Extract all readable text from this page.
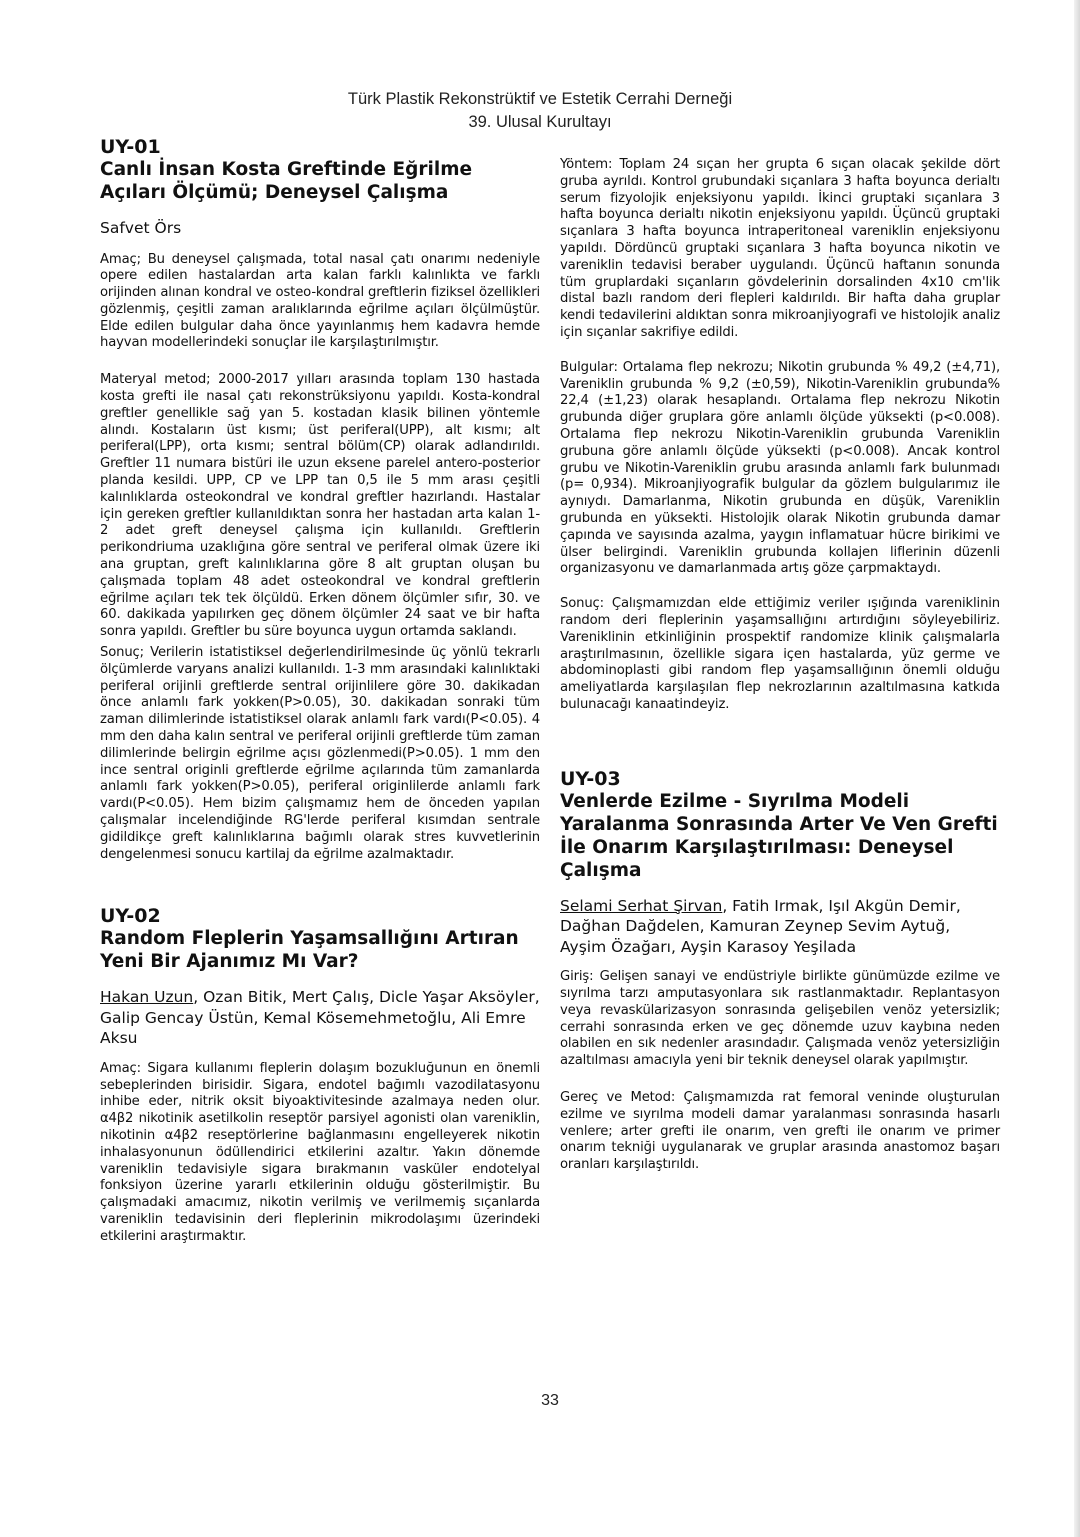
Türk Plastik Rekonstrüktif ve Estetik Cerrahi Derneği
39. Ulusal Kurultayı
UY-01
Canlı İnsan Kosta Greftinde Eğrilme Açıları Ölçümü; Deneysel Çalışma
Safvet Örs

Amaç; Bu deneysel çalışmada, total nasal çatı onarımı nedeniyle opere edilen hastalardan arta kalan farklı kalınlıkta ve farklı orijinden alınan kondral ve osteo-kondral greftlerin fiziksel özellikleri gözlenmiş, çeşitli zaman aralıklarında eğrilme açıları ölçülmüştür. Elde edilen bulgular daha önce yayınlanmış hem kadavra hemde hayvan modellerindeki sonuçlar ile karşılaştırılmıştır.

Materyal metod; 2000-2017 yılları arasında toplam 130 hastada kosta grefti ile nasal çatı rekonstrüksiyonu yapıldı. Kosta-kondral greftler genellikle sağ yan 5. kostadan klasik bilinen yöntemle alındı. Kostaların üst kısmı; üst periferal(UPP), alt kısmı; alt periferal(LPP), orta kısmı; sentral bölüm(CP) olarak adlandırıldı. Greftler 11 numara bistüri ile uzun eksene parelel antero-posterior planda kesildi. UPP, CP ve LPP tan 0,5 ile 5 mm arası çeşitli kalınlıklarda osteokondral ve kondral greftler hazırlandı. Hastalar için gereken greftler kullanıldıktan sonra her hastadan arta kalan 1-2 adet greft deneysel çalışma için kullanıldı. Greftlerin perikondriuma uzaklığına göre sentral ve periferal olmak üzere iki ana gruptan, greft kalınlıklarına göre 8 alt gruptan oluşan bu çalışmada toplam 48 adet osteokondral ve kondral greftlerin eğrilme açıları tek tek ölçüldü. Erken dönem ölçümler sıfır, 30. ve 60. dakikada yapılırken geç dönem ölçümler 24 saat ve bir hafta sonra yapıldı. Greftler bu süre boyunca uygun ortamda saklandı.

Sonuç; Verilerin istatistiksel değerlendirilmesinde üç yönlü tekrarlı ölçümlerde varyans analizi kullanıldı. 1-3 mm arasındaki kalınlıktaki periferal orijinli greftlerde sentral orijinlilere göre 30. dakikadan önce anlamlı fark yokken(P>0.05), 30. dakikadan sonraki tüm zaman dilimlerinde istatistiksel olarak anlamlı fark vardı(P<0.05). 4 mm den daha kalın sentral ve periferal orijinli greftlerde tüm zaman dilimlerinde belirgin eğrilme açısı gözlenmedi(P>0.05). 1 mm den ince sentral originli greftlerde eğrilme açılarında tüm zamanlarda anlamlı fark yokken(P>0.05), periferal originlilerde anlamlı fark vardı(P<0.05). Hem bizim çalışmamız hem de önceden yapılan çalışmalar incelendiğinde RG'lerde periferal kısımdan sentrale gidildikçe greft kalınlıklarına bağımlı olarak stres kuvvetlerinin dengelenmesi sonucu kartilaj da eğrilme azalmaktadır.

UY-02
Random Fleplerin Yaşamsallığını Artıran Yeni Bir Ajanımız Mı Var?
Hakan Uzun, Ozan Bitik, Mert Çalış, Dicle Yaşar Aksöyler, Galip Gencay Üstün, Kemal Kösemehmetoğlu, Ali Emre Aksu

Amaç: Sigara kullanımı fleplerin dolaşım bozukluğunun en önemli sebeplerinden birisidir. Sigara, endotel bağımlı vazodilatasyonu inhibe eder, nitrik oksit biyoaktivitesinde azalmaya neden olur. α4β2 nikotinik asetilkolin reseptör parsiyel agonisti olan vareniklin, nikotinin α4β2 reseptörlerine bağlanmasını engelleyerek nikotin inhalasyonunun ödüllendirici etkilerini azaltır. Yakın dönemde vareniklin tedavisiyle sigara bırakmanın vasküler endotelyal fonksiyon üzerine yararlı etkilerinin olduğu gösterilmiştir. Bu çalışmadaki amacımız, nikotin verilmiş ve verilmemiş sıçanlarda vareniklin tedavisinin deri fleplerinin mikrodolaşımı üzerindeki etkilerini araştırmaktır.

Yöntem: Toplam 24 sıçan her grupta 6 sıçan olacak şekilde dört gruba ayrıldı. Kontrol grubundaki sıçanlara 3 hafta boyunca derialtı serum fizyolojik enjeksiyonu yapıldı. İkinci gruptaki sıçanlara 3 hafta boyunca derialtı nikotin enjeksiyonu yapıldı. Üçüncü gruptaki sıçanlara 3 hafta boyunca intraperitoneal vareniklin enjeksiyonu yapıldı. Dördüncü gruptaki sıçanlara 3 hafta boyunca nikotin ve vareniklin tedavisi beraber uygulandı. Üçüncü haftanın sonunda tüm gruplardaki sıçanların gövdelerinin dorsalinden 4x10 cm'lik distal bazlı random deri flepleri kaldırıldı. Bir hafta daha gruplar kendi tedavilerini aldıktan sonra mikroanjiyografi ve histolojik analiz için sıçanlar sakrifiye edildi.

Bulgular: Ortalama flep nekrozu; Nikotin grubunda % 49,2 (±4,71), Vareniklin grubunda % 9,2 (±0,59), Nikotin-Vareniklin grubunda% 22,4 (±1,23) olarak hesaplandı. Ortalama flep nekrozu Nikotin grubunda diğer gruplara göre anlamlı ölçüde yüksekti (p<0.008). Ortalama flep nekrozu Nikotin-Vareniklin grubunda Vareniklin grubuna göre anlamlı ölçüde yüksekti (p<0.008). Ancak kontrol grubu ve Nikotin-Vareniklin grubu arasında anlamlı fark bulunmadı (p= 0,934). Mikroanjiyografik bulgular da gözlem bulgularımız ile aynıydı. Damarlanma, Nikotin grubunda en düşük, Vareniklin grubunda en yüksekti. Histolojik olarak Nikotin grubunda damar çapında ve sayısında azalma, yaygın inflamatuar hücre birikimi ve ülser belirgindi. Vareniklin grubunda kollajen liflerinin düzenli organizasyonu ve damarlanmada artış göze çarpmaktaydı.

Sonuç: Çalışmamızdan elde ettiğimiz veriler ışığında vareniklinin random deri fleplerinin yaşamsallığını artırdığını söyleyebiliriz. Vareniklinin etkinliğinin prospektif randomize klinik çalışmalarla araştırılmasının, özellikle sigara içen hastalarda, yüz germe ve abdominoplasti gibi random flep yaşamsallığının önemli olduğu ameliyatlarda karşılaşılan flep nekrozlarının azaltılmasına katkıda bulunacağı kanaatindeyiz.

UY-03
Venlerde Ezilme - Sıyrılma Modeli Yaralanma Sonrasında Arter Ve Ven Grefti İle Onarım Karşılaştırılması: Deneysel Çalışma
Selami Serhat Şirvan, Fatih Irmak, Işıl Akgün Demir, Dağhan Dağdelen, Kamuran Zeynep Sevim Aytuğ, Ayşim Özağarı, Ayşin Karasoy Yeşilada

Giriş: Gelişen sanayi ve endüstriyle birlikte günümüzde ezilme ve sıyrılma tarzı amputasyonlara sık rastlanmaktadır. Replantasyon veya revaskülarizasyon sonrasında gelişebilen venöz yetersizlik; cerrahi sonrasında erken ve geç dönemde uzuv kaybına neden olabilen en sık nedenler arasındadır. Çalışmada venöz yetersizliğin azaltılması amacıyla yeni bir teknik deneysel olarak yapılmıştır.

Gereç ve Metod: Çalışmamızda rat femoral veninde oluşturulan ezilme ve sıyrılma modeli damar yaralanması sonrasında hasarlı venlere; arter grefti ile onarım, ven grefti ile onarım ve primer onarım tekniği uygulanarak ve gruplar arasında anastomoz başarı oranları karşılaştırıldı.

33
